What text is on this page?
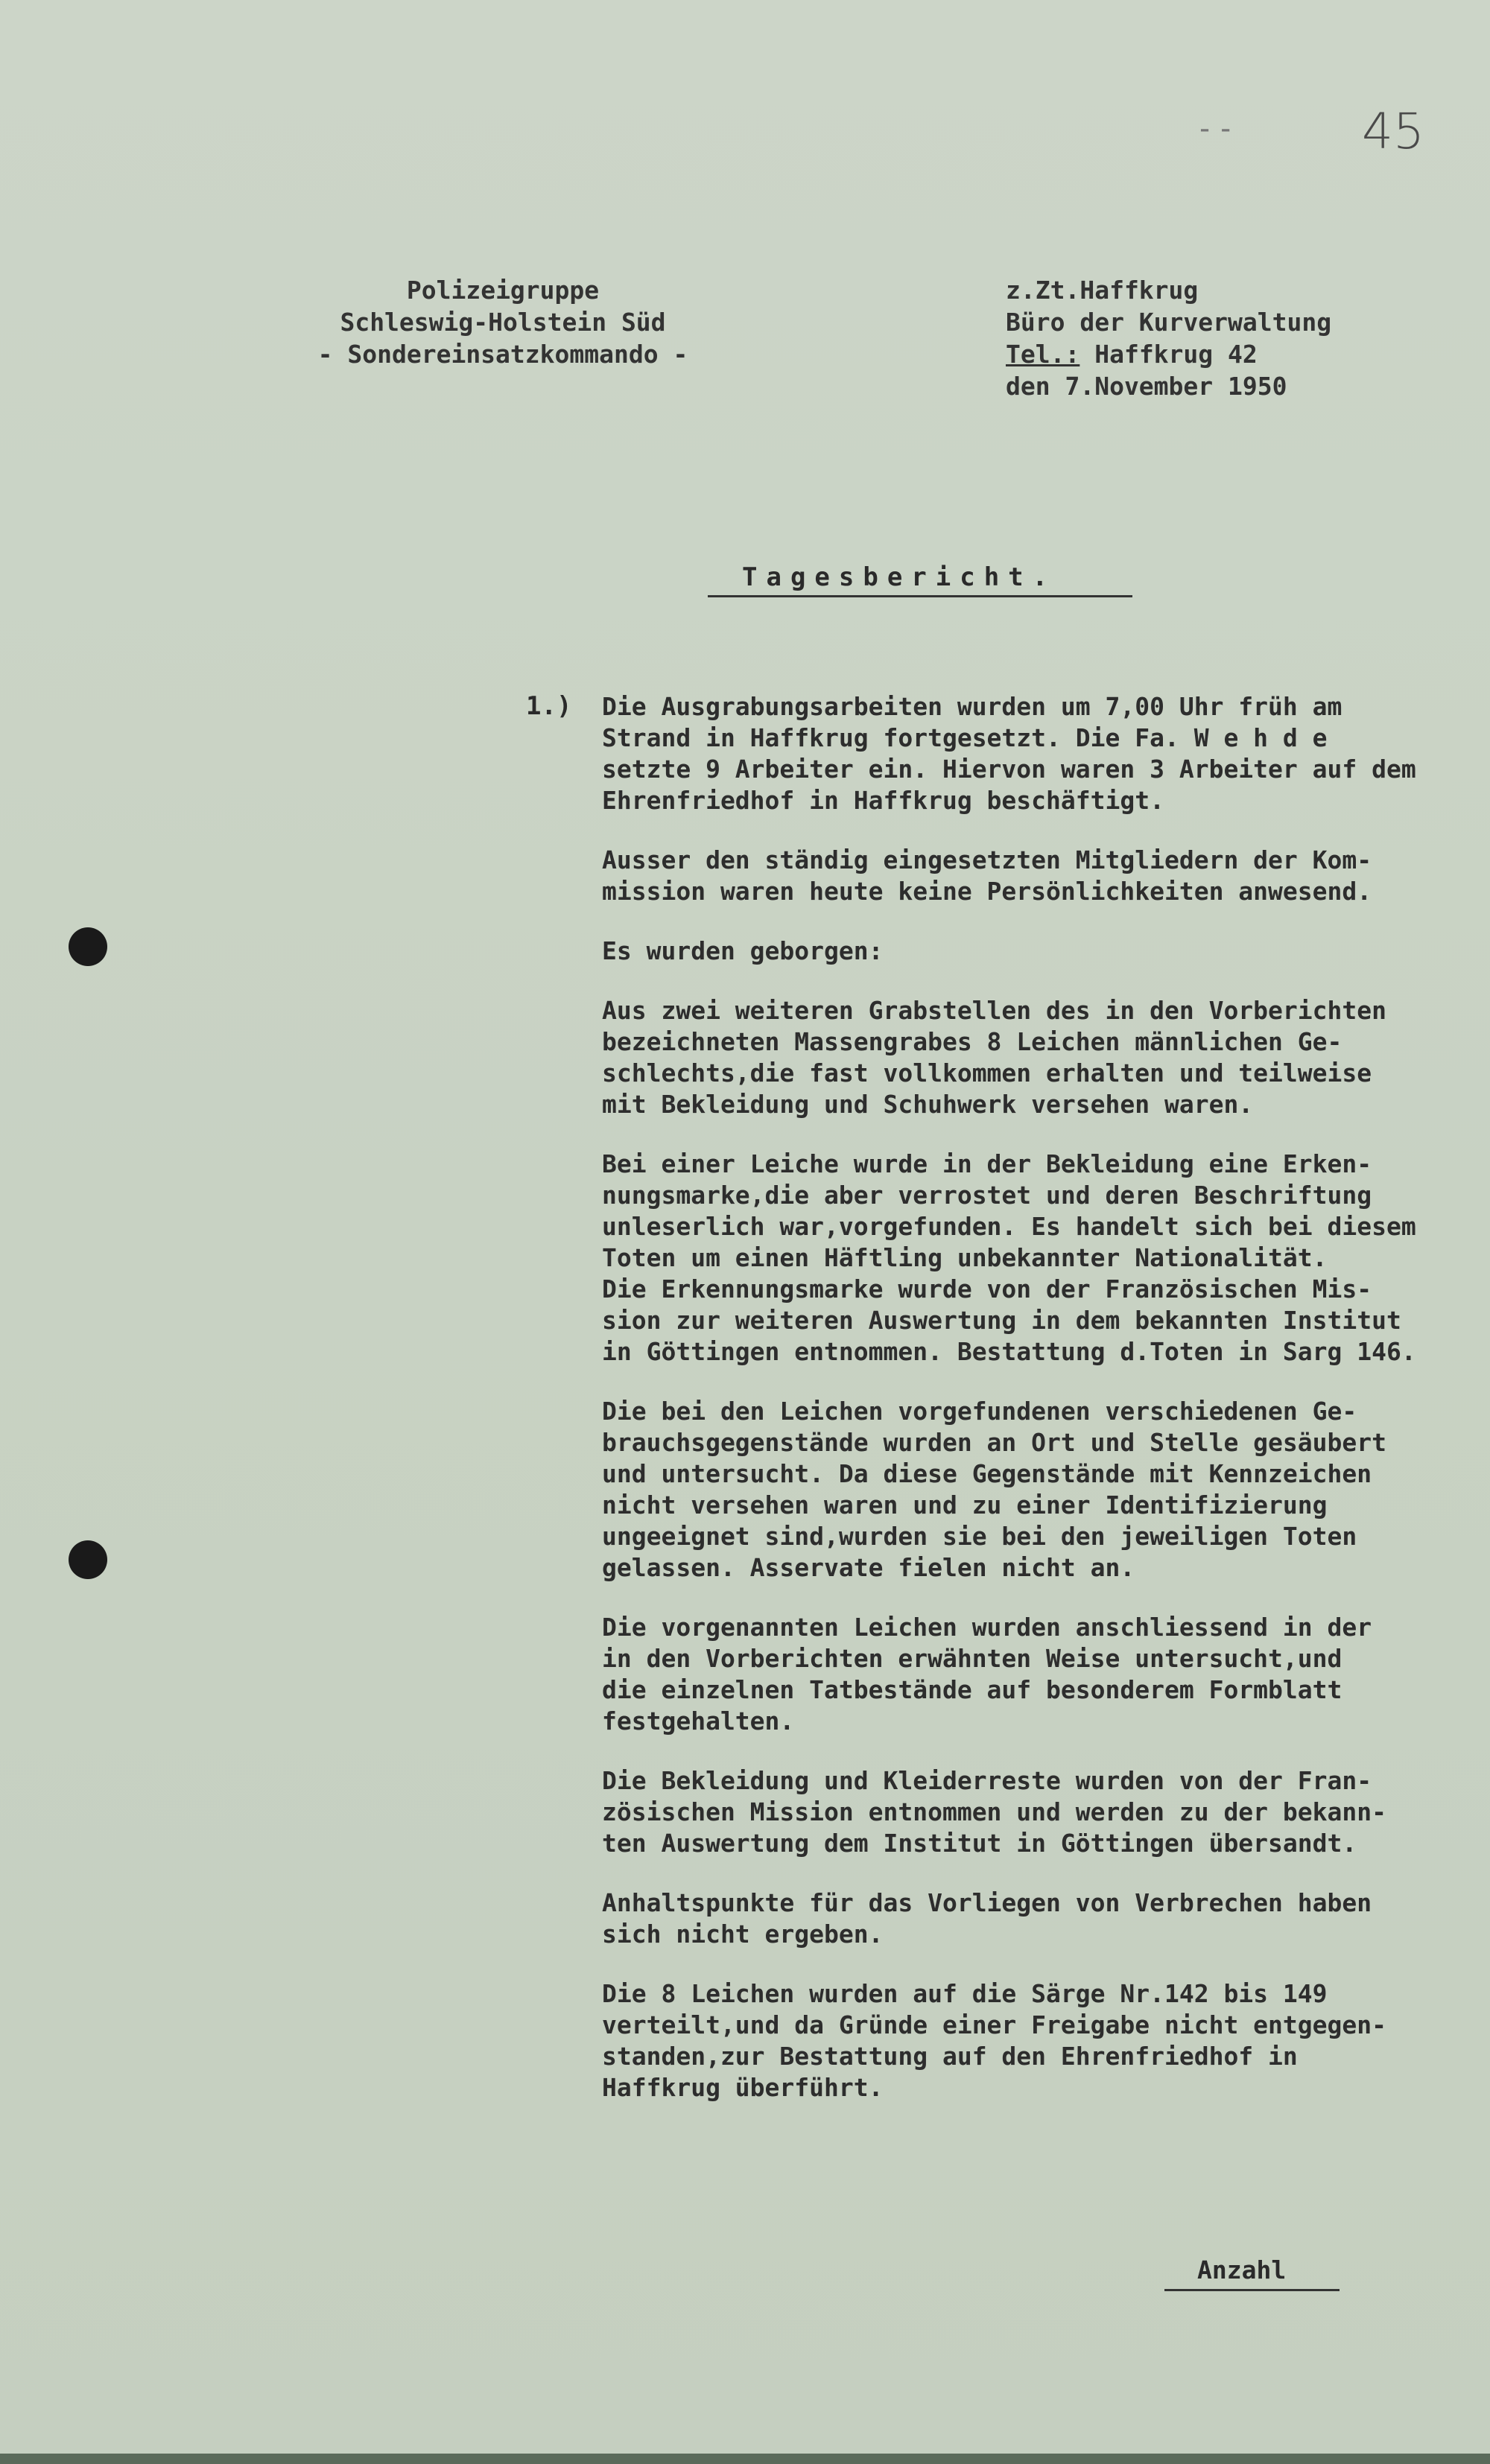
--	45
Polizeigruppe
Schleswig-Holstein Süd
- Sondereinsatzkommando -
z.Zt.Haffkrug
Büro der Kurverwaltung
Tel.: Haffkrug 42
den 7.November 1950
Tagesbericht.
1.) Die Ausgrabungsarbeiten wurden um 7,00 Uhr früh am
Strand in Haffkrug fortgesetzt. Die Fa. W e h d e
setzte 9 Arbeiter ein. Hiervon waren 3 Arbeiter auf dem
Ehrenfriedhof in Haffkrug beschäftigt.

Ausser den ständig eingesetzten Mitgliedern der Kom-
mission waren heute keine Persönlichkeiten anwesend.

Es wurden geborgen:

Aus zwei weiteren Grabstellen des in den Vorberichten
bezeichneten Massengrabes 8 Leichen männlichen Ge-
schlechts,die fast vollkommen erhalten und teilweise
mit Bekleidung und Schuhwerk versehen waren.

Bei einer Leiche wurde in der Bekleidung eine Erken-
nungsmarke,die aber verrostet und deren Beschriftung
unleserlich war,vorgefunden. Es handelt sich bei diesem
Toten um einen Häftling unbekannter Nationalität.
Die Erkennungsmarke wurde von der Französischen Mis-
sion zur weiteren Auswertung in dem bekannten Institut
in Göttingen entnommen. Bestattung d.Toten in Sarg 146.

Die bei den Leichen vorgefundenen verschiedenen Ge-
brauchsgegenstände wurden an Ort und Stelle gesäubert
und untersucht. Da diese Gegenstände mit Kennzeichen
nicht versehen waren und zu einer Identifizierung
ungeeignet sind,wurden sie bei den jeweiligen Toten
gelassen. Asservate fielen nicht an.

Die vorgenannten Leichen wurden anschliessend in der
in den Vorberichten erwähnten Weise untersucht,und
die einzelnen Tatbestände auf besonderem Formblatt
festgehalten.

Die Bekleidung und Kleiderreste wurden von der Fran-
zösischen Mission entnommen und werden zu der bekann-
ten Auswertung dem Institut in Göttingen übersandt.

Anhaltspunkte für das Vorliegen von Verbrechen haben
sich nicht ergeben.

Die 8 Leichen wurden auf die Särge Nr.142 bis 149
verteilt,und da Gründe einer Freigabe nicht entgegen-
standen,zur Bestattung auf den Ehrenfriedhof in
Haffkrug überführt.

Anzahl
